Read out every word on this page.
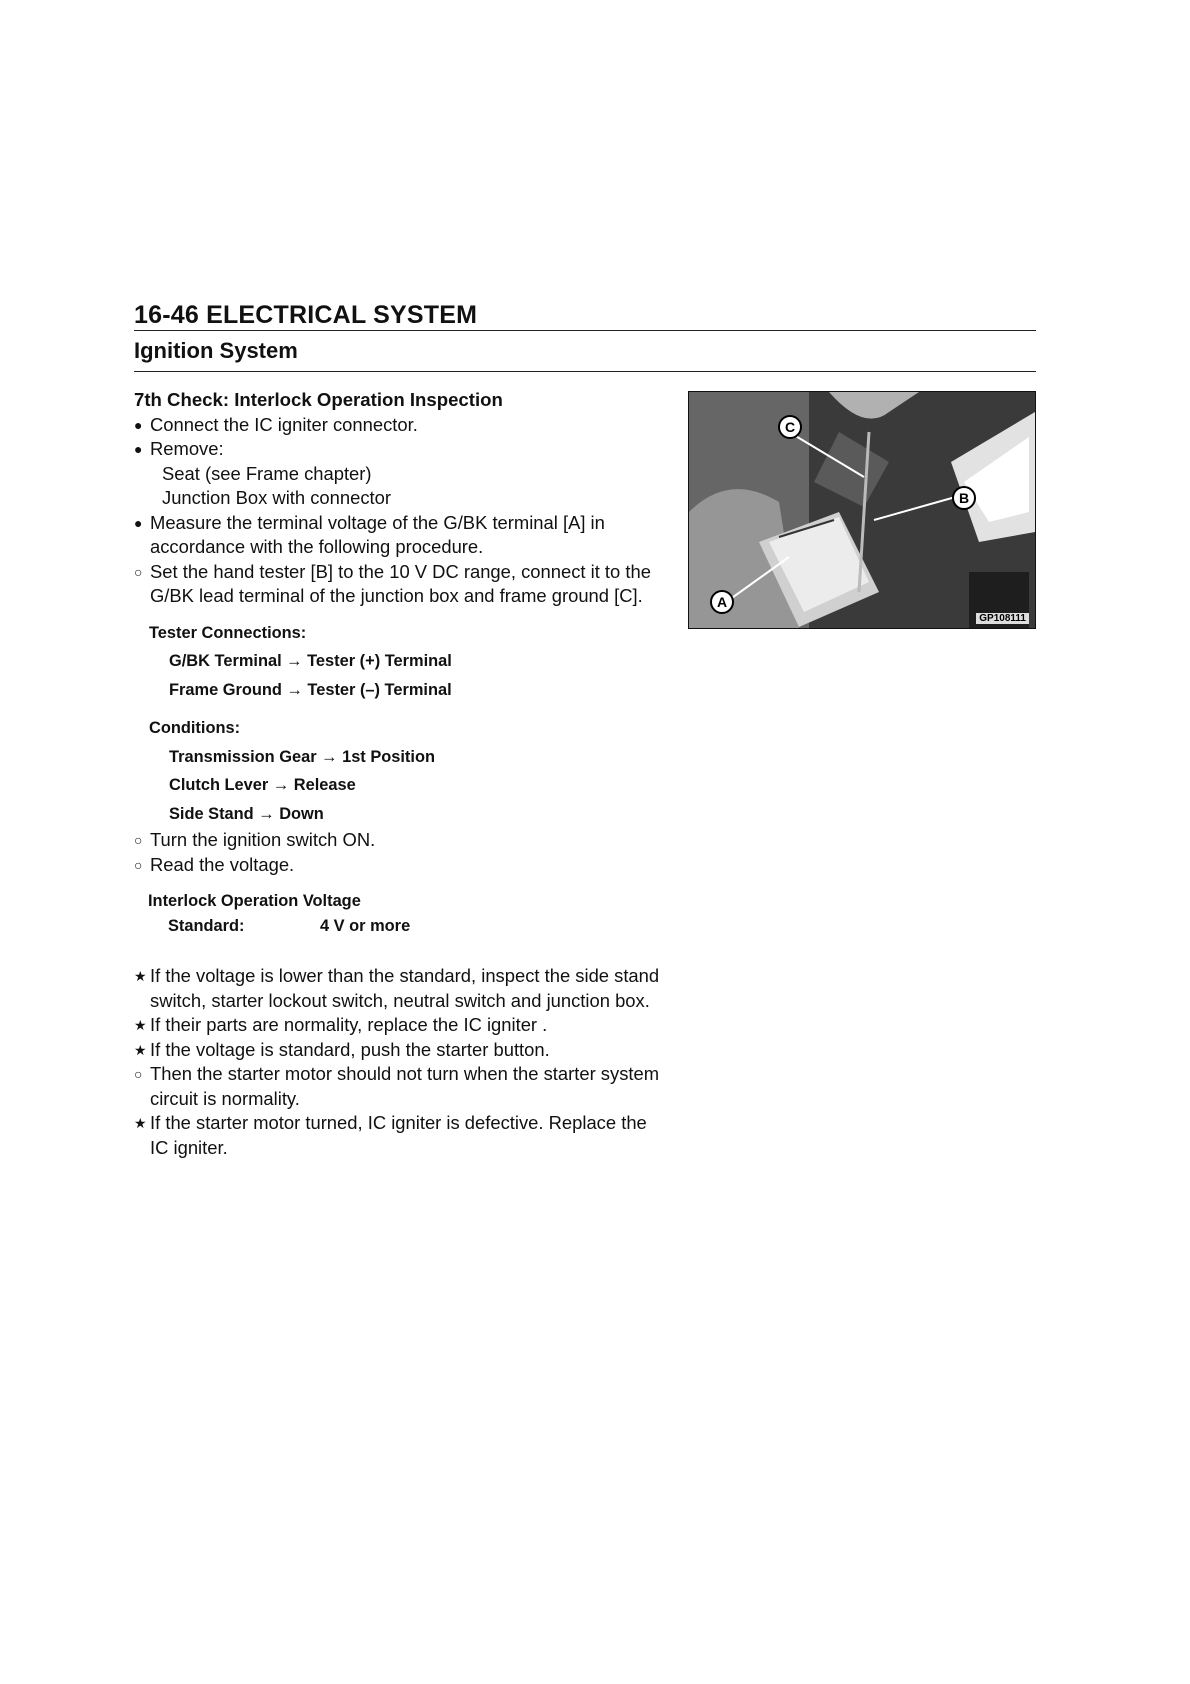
16-46 ELECTRICAL SYSTEM
Ignition System
7th Check: Interlock Operation Inspection
● Connect the IC igniter connector.
● Remove:
Seat (see Frame chapter)
Junction Box with connector
● Measure the terminal voltage of the G/BK terminal [A] in accordance with the following procedure.
○ Set the hand tester [B] to the 10 V DC range, connect it to the G/BK lead terminal of the junction box and frame ground [C].
Tester Connections:
G/BK Terminal → Tester (+) Terminal
Frame Ground → Tester (–) Terminal
Conditions:
Transmission Gear → 1st Position
Clutch Lever → Release
Side Stand → Down
○ Turn the ignition switch ON.
○ Read the voltage.
Interlock Operation Voltage
Standard:	4 V or more
★ If the voltage is lower than the standard, inspect the side stand switch, starter lockout switch, neutral switch and junction box.
★ If their parts are normality, replace the IC igniter .
★ If the voltage is standard, push the starter button.
○ Then the starter motor should not turn when the starter system circuit is normality.
★ If the starter motor turned, IC igniter is defective. Replace the IC igniter.
C
B
A
GP108111
